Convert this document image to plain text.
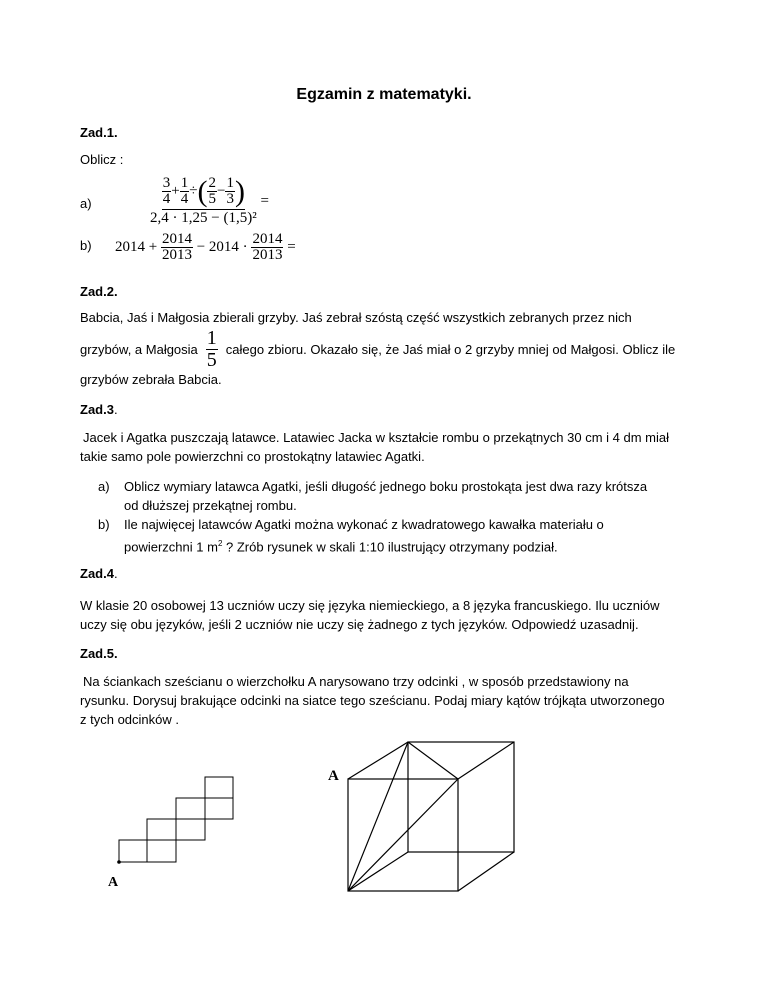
Egzamin z matematyki.
Zad.1.
Oblicz :
a)	$\frac{3}{4} + \frac{1}{4}$ ÷ ( $\frac{2}{5} - \frac{1}{3}$ )
2,4 · 1,25 − (1,5)²
=
b) 2014 +
$\frac{2014}{2013}$
− 2014 ·
$\frac{2014}{2013}$
=
Zad.2.
Babcia, Jaś i Małgosia zbierali grzyby. Jaś zebrał szóstą część wszystkich zebranych przez nich
grzybów, a Małgosia $\frac{1}{5}$ całego zbioru. Okazało się, że Jaś miał o 2 grzyby mniej od Małgosi. Oblicz ile
grzybów zebrała Babcia.
Zad.3.
Jacek i Agatka puszczają latawce. Latawiec Jacka w kształcie rombu o przekątnych 30 cm i 4 dm miał
takie samo pole powierzchni co prostokątny latawiec Agatki.
a)	Oblicz wymiary latawca Agatki, jeśli długość jednego boku prostokąta jest dwa razy krótsza
od dłuższej przekątnej rombu.
b)	Ile najwięcej latawców Agatki można wykonać z kwadratowego kawałka materiału o
powierzchni 1 $m^2$ ? Zrób rysunek w skali 1:10 ilustrujący otrzymany podział.
Zad.4.
W klasie 20 osobowej 13 uczniów uczy się języka niemieckiego, a 8 języka francuskiego. Ilu uczniów
uczy się obu języków, jeśli 2 uczniów nie uczy się żadnego z tych języków. Odpowiedź uzasadnij.
Zad.5.
Na ściankach sześcianu o wierzchołku A narysowano trzy odcinki , w sposób przedstawiony na
rysunku. Dorysuj brakujące odcinki na siatce tego sześcianu. Podaj miary kątów trójkąta utworzonego
z tych odcinków .
A
A
